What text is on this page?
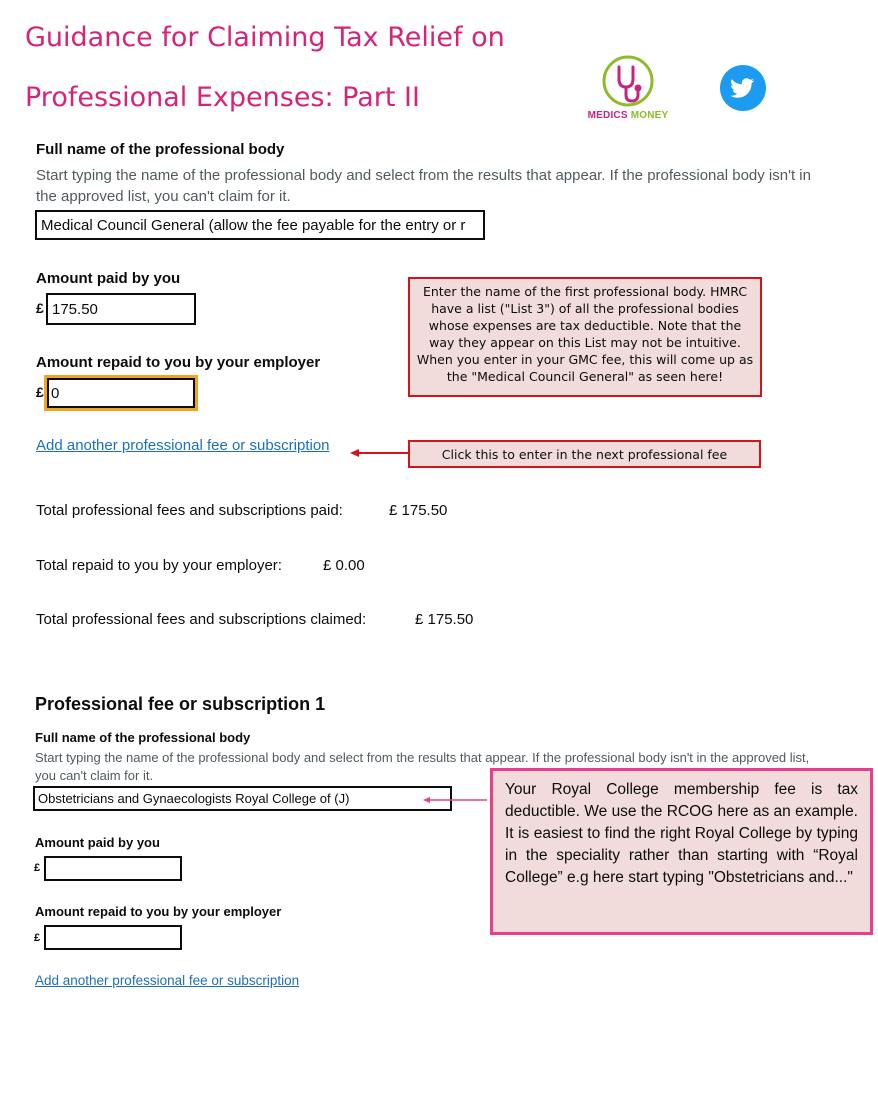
Guidance for Claiming Tax Relief on
Professional Expenses: Part II
MEDICS MONEY
Full name of the professional body
Start typing the name of the professional body and select from the results that appear. If the professional body isn't in the approved list, you can't claim for it.
Medical Council General (allow the fee payable for the entry or r
Amount paid by you
£ 175.50
Amount repaid to you by your employer
£ 0
Add another professional fee or subscription
Enter the name of the first professional body. HMRC have a list ("List 3") of all the professional bodies whose expenses are tax deductible. Note that the way they appear on this List may not be intuitive. When you enter in your GMC fee, this will come up as the "Medical Council General" as seen here!
Click this to enter in the next professional fee
Total professional fees and subscriptions paid:	£ 175.50
Total repaid to you by your employer:	£ 0.00
Total professional fees and subscriptions claimed:	£ 175.50
Professional fee or subscription 1
Full name of the professional body
Start typing the name of the professional body and select from the results that appear. If the professional body isn't in the approved list, you can't claim for it.
Obstetricians and Gynaecologists Royal College of (J)
Your Royal College membership fee is tax deductible. We use the RCOG here as an example. It is easiest to find the right Royal College by typing in the speciality rather than starting with “Royal College” e.g here start typing "Obstetricians and..."
Amount paid by you
£
Amount repaid to you by your employer
£
Add another professional fee or subscription
